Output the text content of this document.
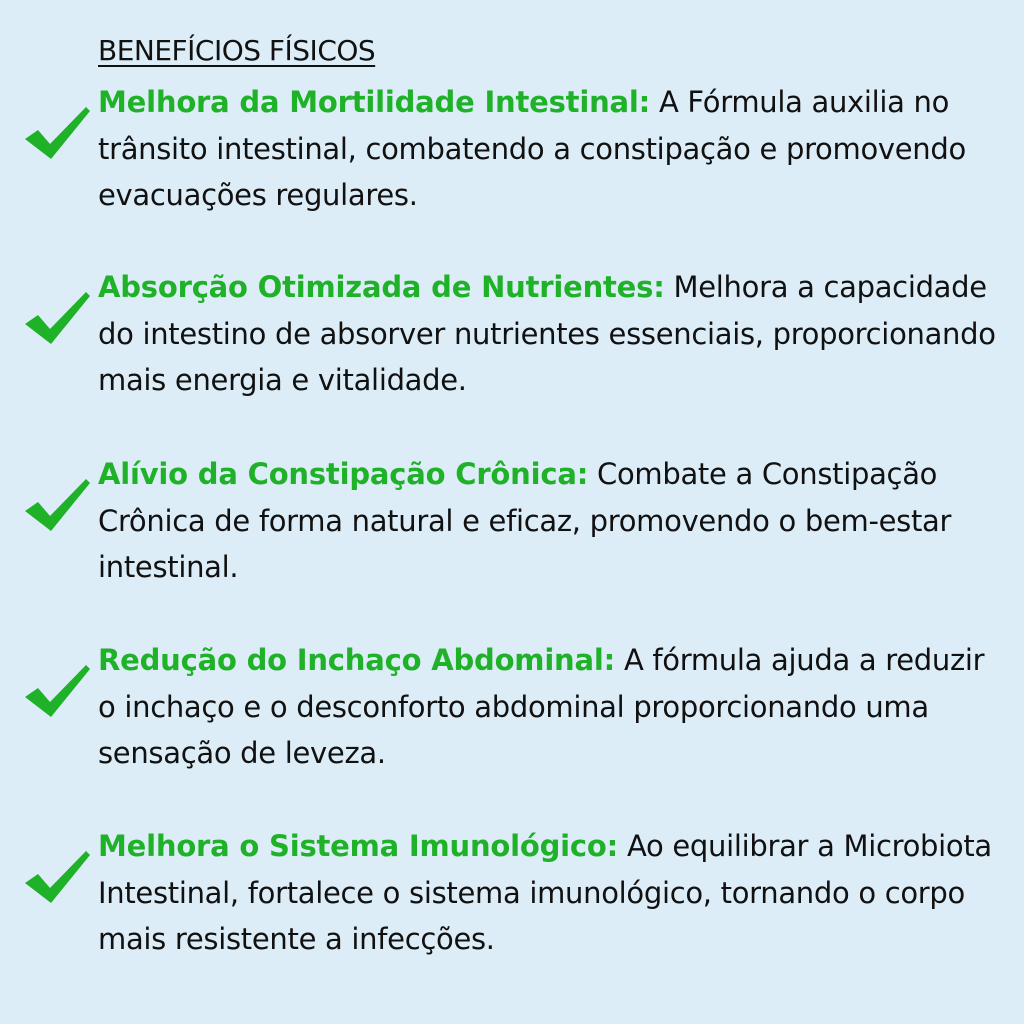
BENEFÍCIOS FÍSICOS

Melhora da Mortilidade Intestinal: A Fórmula auxilia no trânsito intestinal, combatendo a constipação e promovendo evacuações regulares.

Absorção Otimizada de Nutrientes: Melhora a capacidade do intestino de absorver nutrientes essenciais, proporcionando mais energia e vitalidade.

Alívio da Constipação Crônica: Combate a Constipação Crônica de forma natural e eficaz, promovendo o bem-estar intestinal.

Redução do Inchaço Abdominal: A fórmula ajuda a reduzir o inchaço e o desconforto abdominal proporcionando uma sensação de leveza.

Melhora o Sistema Imunológico: Ao equilibrar a Microbiota Intestinal, fortalece o sistema imunológico, tornando o corpo mais resistente a infecções.
